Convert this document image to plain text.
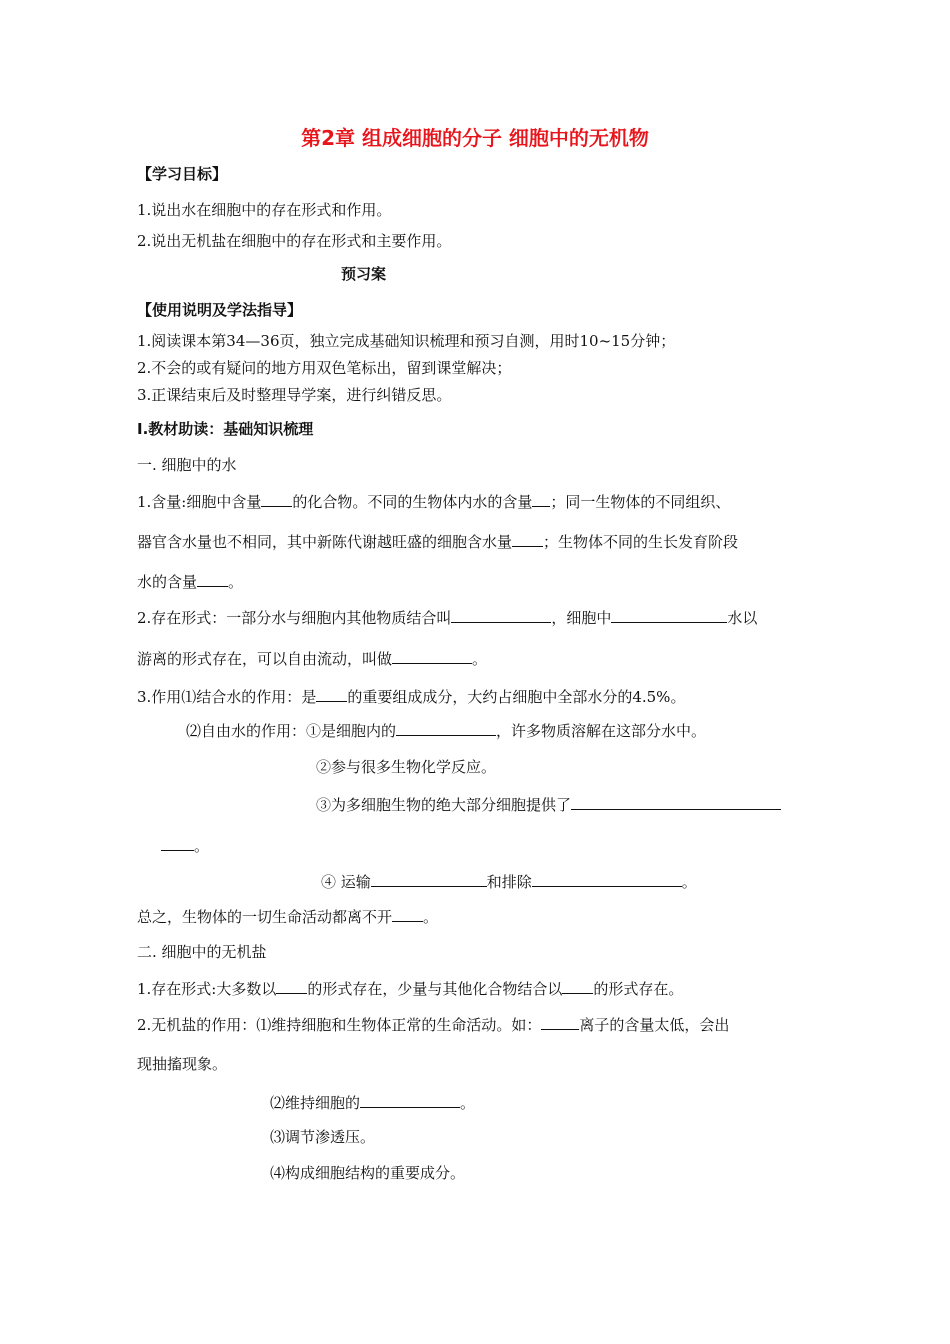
第2章 组成细胞的分子 细胞中的无机物
【学习目标】
1.说出水在细胞中的存在形式和作用。
2.说出无机盐在细胞中的存在形式和主要作用。
预习案
【使用说明及学法指导】
1.阅读课本第34—36页，独立完成基础知识梳理和预习自测，用时10~15分钟；
2.不会的或有疑问的地方用双色笔标出，留到课堂解决；
3.正课结束后及时整理导学案，进行纠错反思。
Ⅰ.教材助读：基础知识梳理
一. 细胞中的水
1.含量:细胞中含量 的化合物。不同的生物体内水的含量 ；同一生物体的不同组织、
器官含水量也不相同，其中新陈代谢越旺盛的细胞含水量 ；生物体不同的生长发育阶段
水的含量 。
2.存在形式：一部分水与细胞内其他物质结合叫	，细胞中	水以
游离的形式存在，可以自由流动，叫做	。
3.作用⑴结合水的作用：是 的重要组成成分，大约占细胞中全部水分的4.5%。
⑵自由水的作用：①是细胞内的	，许多物质溶解在这部分水中。
②参与很多生物化学反应。
③为多细胞生物的绝大部分细胞提供了
。
④ 运输	和排除	。
总之，生物体的一切生命活动都离不开 。
二. 细胞中的无机盐
1.存在形式:大多数以 的形式存在，少量与其他化合物结合以 的形式存在。
2.无机盐的作用：⑴维持细胞和生物体正常的生命活动。如：	离子的含量太低，会出
现抽搐现象。
⑵维持细胞的	。
⑶调节渗透压。
⑷构成细胞结构的重要成分。
